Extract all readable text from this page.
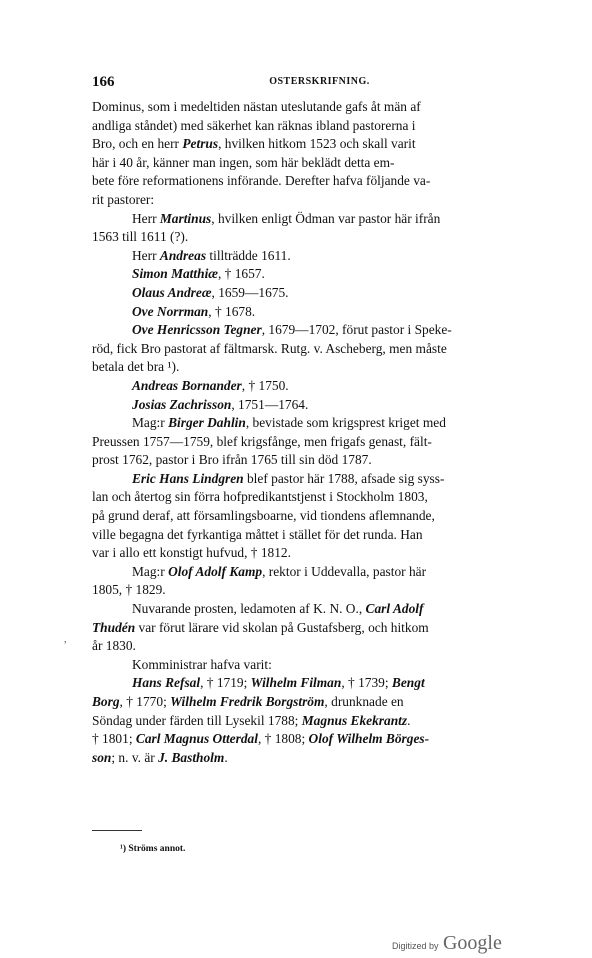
166	OSTERSKRIFNING.

Dominus, som i medeltiden nästan uteslutande gafs åt män af

andliga ståndet) med säkerhet kan räknas ibland pastorerna i

Bro, och en herr Petrus, hvilken hitkom 1523 och skall varit

här i 40 år, känner man ingen, som här beklädt detta em-

bete före reformationens införande. Derefter hafva följande va-

rit pastorer:

Herr Martinus, hvilken enligt Ödman var pastor här ifrån

1563 till 1611 (?).

Herr Andreas tillträdde 1611.

Simon Matthiæ, † 1657.

Olaus Andreæ, 1659—1675.

Ove Norrman, † 1678.

Ove Henricsson Tegner, 1679—1702, förut pastor i Speke-

röd, fick Bro pastorat af fältmarsk. Rutg. v. Ascheberg, men måste

betala det bra ¹).

Andreas Bornander, † 1750.

Josias Zachrisson, 1751—1764.

Mag:r Birger Dahlin, bevistade som krigsprest kriget med

Preussen 1757—1759, blef krigsfånge, men frigafs genast, fält-

prost 1762, pastor i Bro ifrån 1765 till sin död 1787.

Eric Hans Lindgren blef pastor här 1788, afsade sig syss-

lan och återtog sin förra hofpredikantstjenst i Stockholm 1803,

på grund deraf, att församlingsboarne, vid tiondens aflemnande,

ville begagna det fyrkantiga måttet i stället för det runda. Han

var i allo ett konstigt hufvud, † 1812.

Mag:r Olof Adolf Kamp, rektor i Uddevalla, pastor här

1805, † 1829.

Nuvarande prosten, ledamoten af K. N. O., Carl Adolf

Thudén var förut lärare vid skolan på Gustafsberg, och hitkom

år 1830.

Komministrar hafva varit:

Hans Refsal, † 1719; Wilhelm Filman, † 1739; Bengt

Borg, † 1770; Wilhelm Fredrik Borgström, drunknade en

Söndag under färden till Lysekil 1788; Magnus Ekekrantz.

† 1801; Carl Magnus Otterdal, † 1808; Olof Wilhelm Börges-

son; n. v. är J. Bastholm.

,
¹) Ströms annot.
Digitized by Google
